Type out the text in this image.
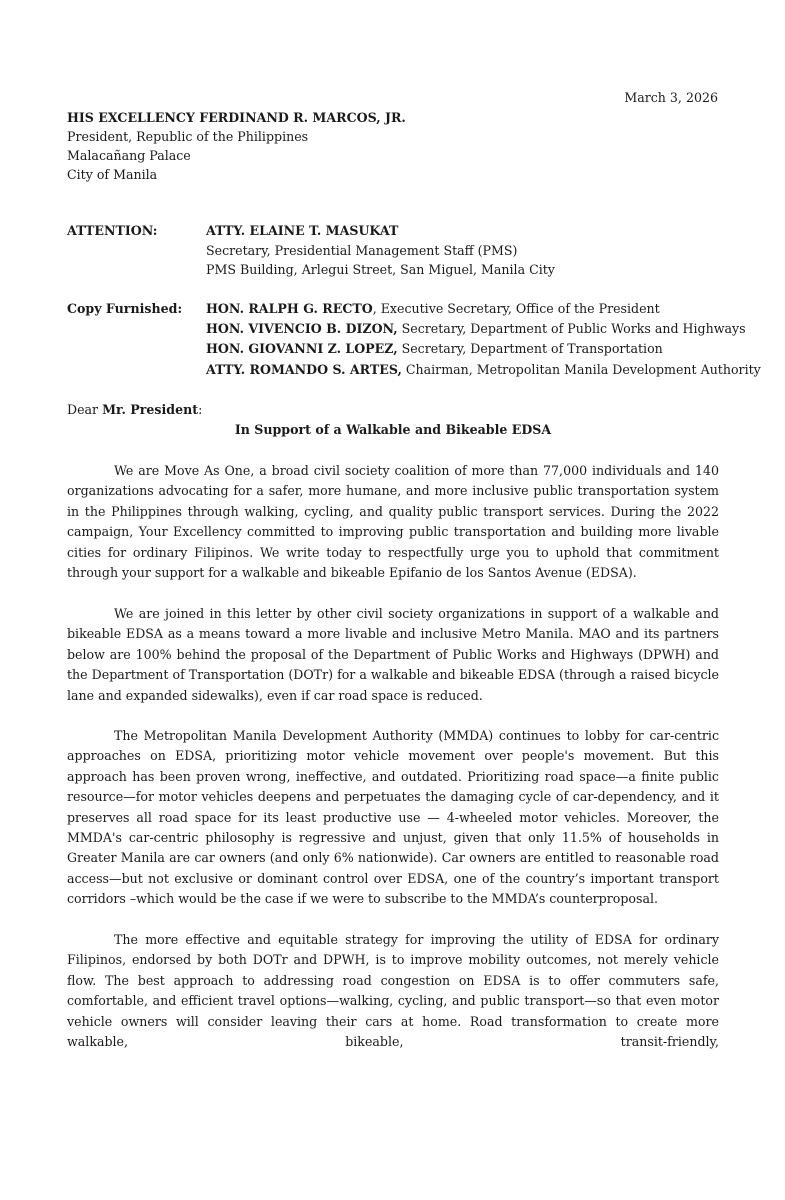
March 3, 2026

HIS EXCELLENCY FERDINAND R. MARCOS, JR.

President, Republic of the Philippines

Malacañang Palace

City of Manila

ATTENTION:	ATTY. ELAINE T. MASUKAT

Secretary, Presidential Management Staff (PMS)

PMS Building, Arlegui Street, San Miguel, Manila City

Copy Furnished: HON. RALPH G. RECTO, Executive Secretary, Office of the President

HON. VIVENCIO B. DIZON, Secretary, Department of Public Works and Highways

HON. GIOVANNI Z. LOPEZ, Secretary, Department of Transportation

ATTY. ROMANDO S. ARTES, Chairman, Metropolitan Manila Development Authority

Dear Mr. President:

In Support of a Walkable and Bikeable EDSA

We are Move As One, a broad civil society coalition of more than 77,000 individuals and 140 organizations advocating for a safer, more humane, and more inclusive public transportation system in the Philippines through walking, cycling, and quality public transport services. During the 2022 campaign, Your Excellency committed to improving public transportation and building more livable cities for ordinary Filipinos. We write today to respectfully urge you to uphold that commitment through your support for a walkable and bikeable Epifanio de los Santos Avenue (EDSA).

We are joined in this letter by other civil society organizations in support of a walkable and bikeable EDSA as a means toward a more livable and inclusive Metro Manila. MAO and its partners below are 100% behind the proposal of the Department of Public Works and Highways (DPWH) and the Department of Transportation (DOTr) for a walkable and bikeable EDSA (through a raised bicycle lane and expanded sidewalks), even if car road space is reduced.

The Metropolitan Manila Development Authority (MMDA) continues to lobby for car-centric approaches on EDSA, prioritizing motor vehicle movement over people's movement. But this approach has been proven wrong, ineffective, and outdated. Prioritizing road space—a finite public resource—for motor vehicles deepens and perpetuates the damaging cycle of car-dependency, and it preserves all road space for its least productive use — 4-wheeled motor vehicles. Moreover, the MMDA's car-centric philosophy is regressive and unjust, given that only 11.5% of households in Greater Manila are car owners (and only 6% nationwide). Car owners are entitled to reasonable road access—but not exclusive or dominant control over EDSA, one of the country’s important transport corridors –which would be the case if we were to subscribe to the MMDA’s counterproposal.

The more effective and equitable strategy for improving the utility of EDSA for ordinary Filipinos, endorsed by both DOTr and DPWH, is to improve mobility outcomes, not merely vehicle flow. The best approach to addressing road congestion on EDSA is to offer commuters safe, comfortable, and efficient travel options—walking, cycling, and public transport—so that even motor vehicle owners will consider leaving their cars at home. Road transformation to create more walkable, bikeable, transit-friendly,
